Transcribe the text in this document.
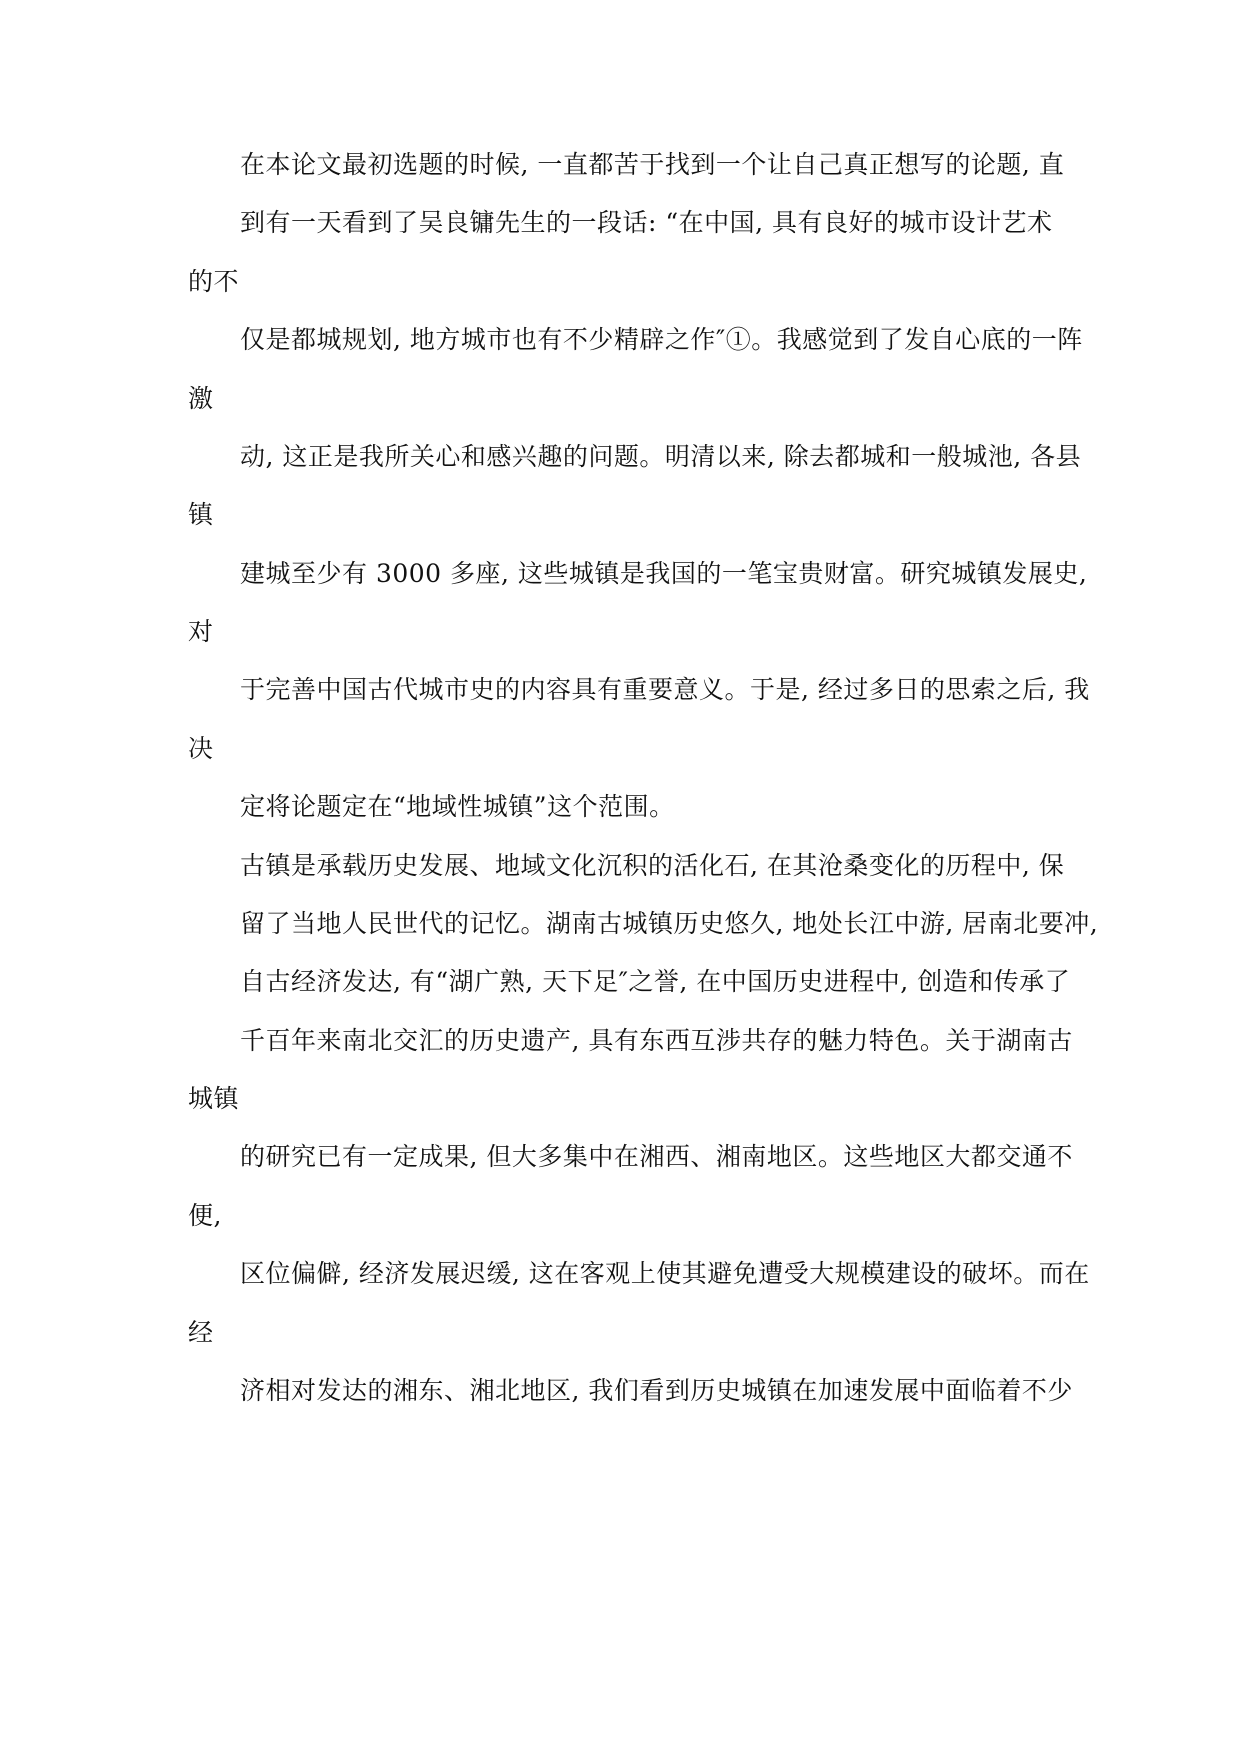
在本论文最初选题的时候, 一直都苦于找到一个让自己真正想写的论题, 直
到有一天看到了吴良镛先生的一段话: “在中国, 具有良好的城市设计艺术
的不
仅是都城规划, 地方城市也有不少精辟之作″①。我感觉到了发自心底的一阵
激
动, 这正是我所关心和感兴趣的问题。明清以来, 除去都城和一般城池, 各县
镇
建城至少有 3000 多座, 这些城镇是我国的一笔宝贵财富。研究城镇发展史,
对
于完善中国古代城市史的内容具有重要意义。于是, 经过多日的思索之后, 我
决
定将论题定在“地域性城镇”这个范围。
古镇是承载历史发展、地域文化沉积的活化石, 在其沧桑变化的历程中, 保
留了当地人民世代的记忆。湖南古城镇历史悠久, 地处长江中游, 居南北要冲,
自古经济发达, 有“湖广熟, 天下足″之誉, 在中国历史进程中, 创造和传承了
千百年来南北交汇的历史遗产, 具有东西互涉共存的魅力特色。关于湖南古
城镇
的研究已有一定成果, 但大多集中在湘西、湘南地区。这些地区大都交通不
便,
区位偏僻, 经济发展迟缓, 这在客观上使其避免遭受大规模建设的破坏。而在
经
济相对发达的湘东、湘北地区, 我们看到历史城镇在加速发展中面临着不少
